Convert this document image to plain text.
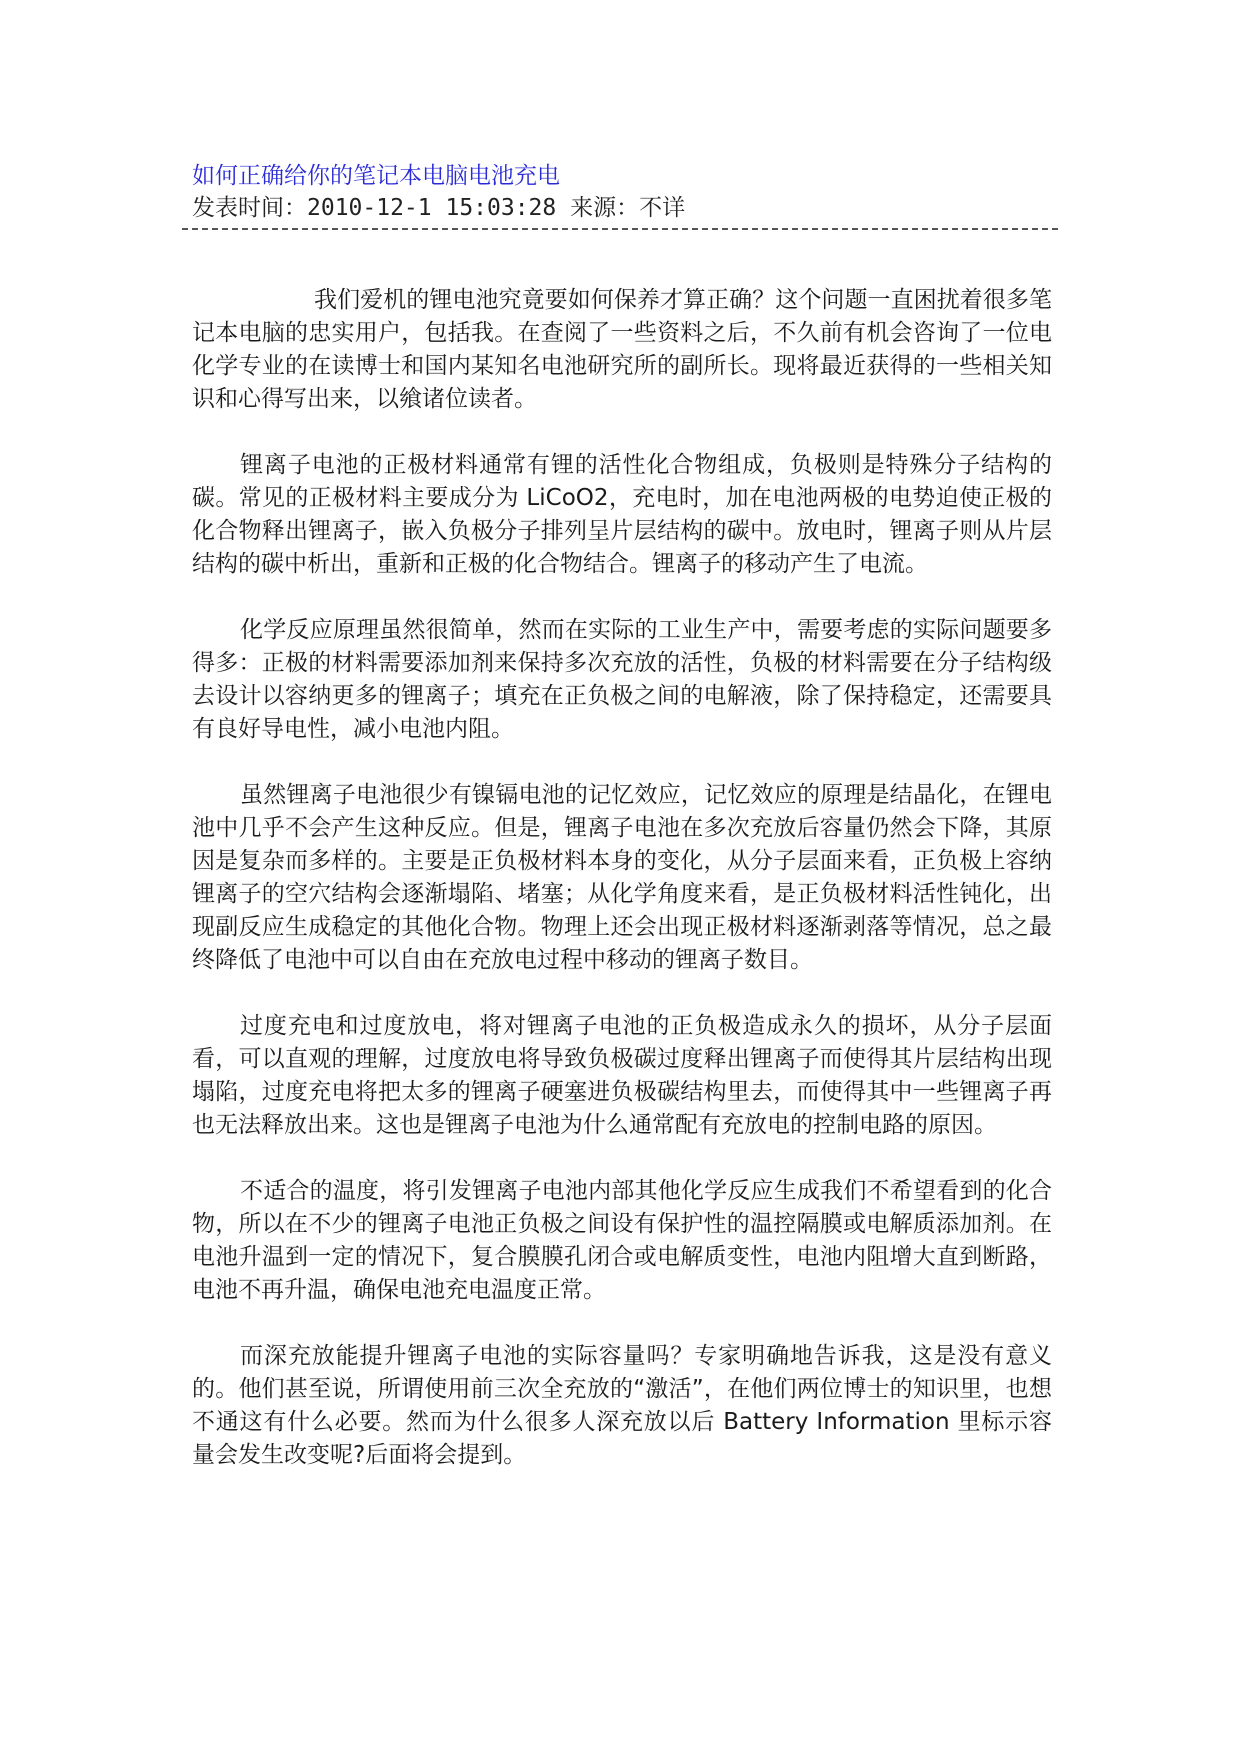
如何正确给你的笔记本电脑电池充电

发表时间：2010-12-1 15:03:28 来源：不详

我们爱机的锂电池究竟要如何保养才算正确？这个问题一直困扰着很多笔记本电脑的忠实用户，包括我。在查阅了一些资料之后，不久前有机会咨询了一位电化学专业的在读博士和国内某知名电池研究所的副所长。现将最近获得的一些相关知识和心得写出来，以飨诸位读者。

锂离子电池的正极材料通常有锂的活性化合物组成，负极则是特殊分子结构的碳。常见的正极材料主要成分为 LiCoO2，充电时，加在电池两极的电势迫使正极的化合物释出锂离子，嵌入负极分子排列呈片层结构的碳中。放电时，锂离子则从片层结构的碳中析出，重新和正极的化合物结合。锂离子的移动产生了电流。

化学反应原理虽然很简单，然而在实际的工业生产中，需要考虑的实际问题要多得多：正极的材料需要添加剂来保持多次充放的活性，负极的材料需要在分子结构级去设计以容纳更多的锂离子；填充在正负极之间的电解液，除了保持稳定，还需要具有良好导电性，减小电池内阻。

虽然锂离子电池很少有镍镉电池的记忆效应，记忆效应的原理是结晶化，在锂电池中几乎不会产生这种反应。但是，锂离子电池在多次充放后容量仍然会下降，其原因是复杂而多样的。主要是正负极材料本身的变化，从分子层面来看，正负极上容纳锂离子的空穴结构会逐渐塌陷、堵塞；从化学角度来看，是正负极材料活性钝化，出现副反应生成稳定的其他化合物。物理上还会出现正极材料逐渐剥落等情况，总之最终降低了电池中可以自由在充放电过程中移动的锂离子数目。

过度充电和过度放电，将对锂离子电池的正负极造成永久的损坏，从分子层面看，可以直观的理解，过度放电将导致负极碳过度释出锂离子而使得其片层结构出现塌陷，过度充电将把太多的锂离子硬塞进负极碳结构里去，而使得其中一些锂离子再也无法释放出来。这也是锂离子电池为什么通常配有充放电的控制电路的原因。

不适合的温度，将引发锂离子电池内部其他化学反应生成我们不希望看到的化合物，所以在不少的锂离子电池正负极之间设有保护性的温控隔膜或电解质添加剂。在电池升温到一定的情况下，复合膜膜孔闭合或电解质变性，电池内阻增大直到断路，电池不再升温，确保电池充电温度正常。

而深充放能提升锂离子电池的实际容量吗？专家明确地告诉我，这是没有意义的。他们甚至说，所谓使用前三次全充放的“激活”，在他们两位博士的知识里，也想不通这有什么必要。然而为什么很多人深充放以后 Battery Information 里标示容量会发生改变呢?后面将会提到。
